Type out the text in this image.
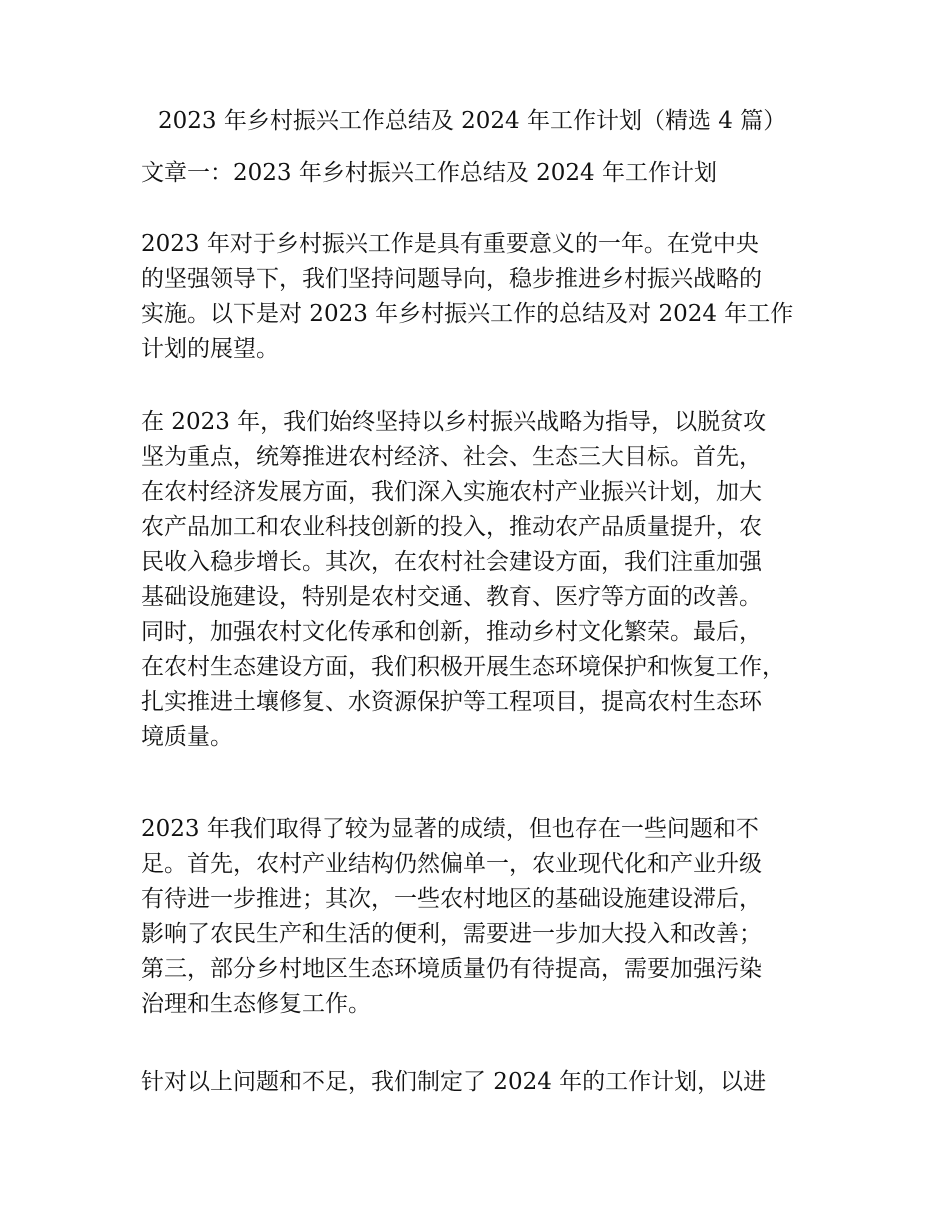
2023 年乡村振兴工作总结及 2024 年工作计划（精选 4 篇）
文章一：2023 年乡村振兴工作总结及 2024 年工作计划

2023 年对于乡村振兴工作是具有重要意义的一年。在党中央
的坚强领导下，我们坚持问题导向，稳步推进乡村振兴战略的
实施。以下是对 2023 年乡村振兴工作的总结及对 2024 年工作
计划的展望。

在 2023 年，我们始终坚持以乡村振兴战略为指导，以脱贫攻
坚为重点，统筹推进农村经济、社会、生态三大目标。首先，
在农村经济发展方面，我们深入实施农村产业振兴计划，加大
农产品加工和农业科技创新的投入，推动农产品质量提升，农
民收入稳步增长。其次，在农村社会建设方面，我们注重加强
基础设施建设，特别是农村交通、教育、医疗等方面的改善。
同时，加强农村文化传承和创新，推动乡村文化繁荣。最后，
在农村生态建设方面，我们积极开展生态环境保护和恢复工作，
扎实推进土壤修复、水资源保护等工程项目，提高农村生态环
境质量。

2023 年我们取得了较为显著的成绩，但也存在一些问题和不
足。首先，农村产业结构仍然偏单一，农业现代化和产业升级
有待进一步推进；其次，一些农村地区的基础设施建设滞后，
影响了农民生产和生活的便利，需要进一步加大投入和改善；
第三，部分乡村地区生态环境质量仍有待提高，需要加强污染
治理和生态修复工作。

针对以上问题和不足，我们制定了 2024 年的工作计划，以进
